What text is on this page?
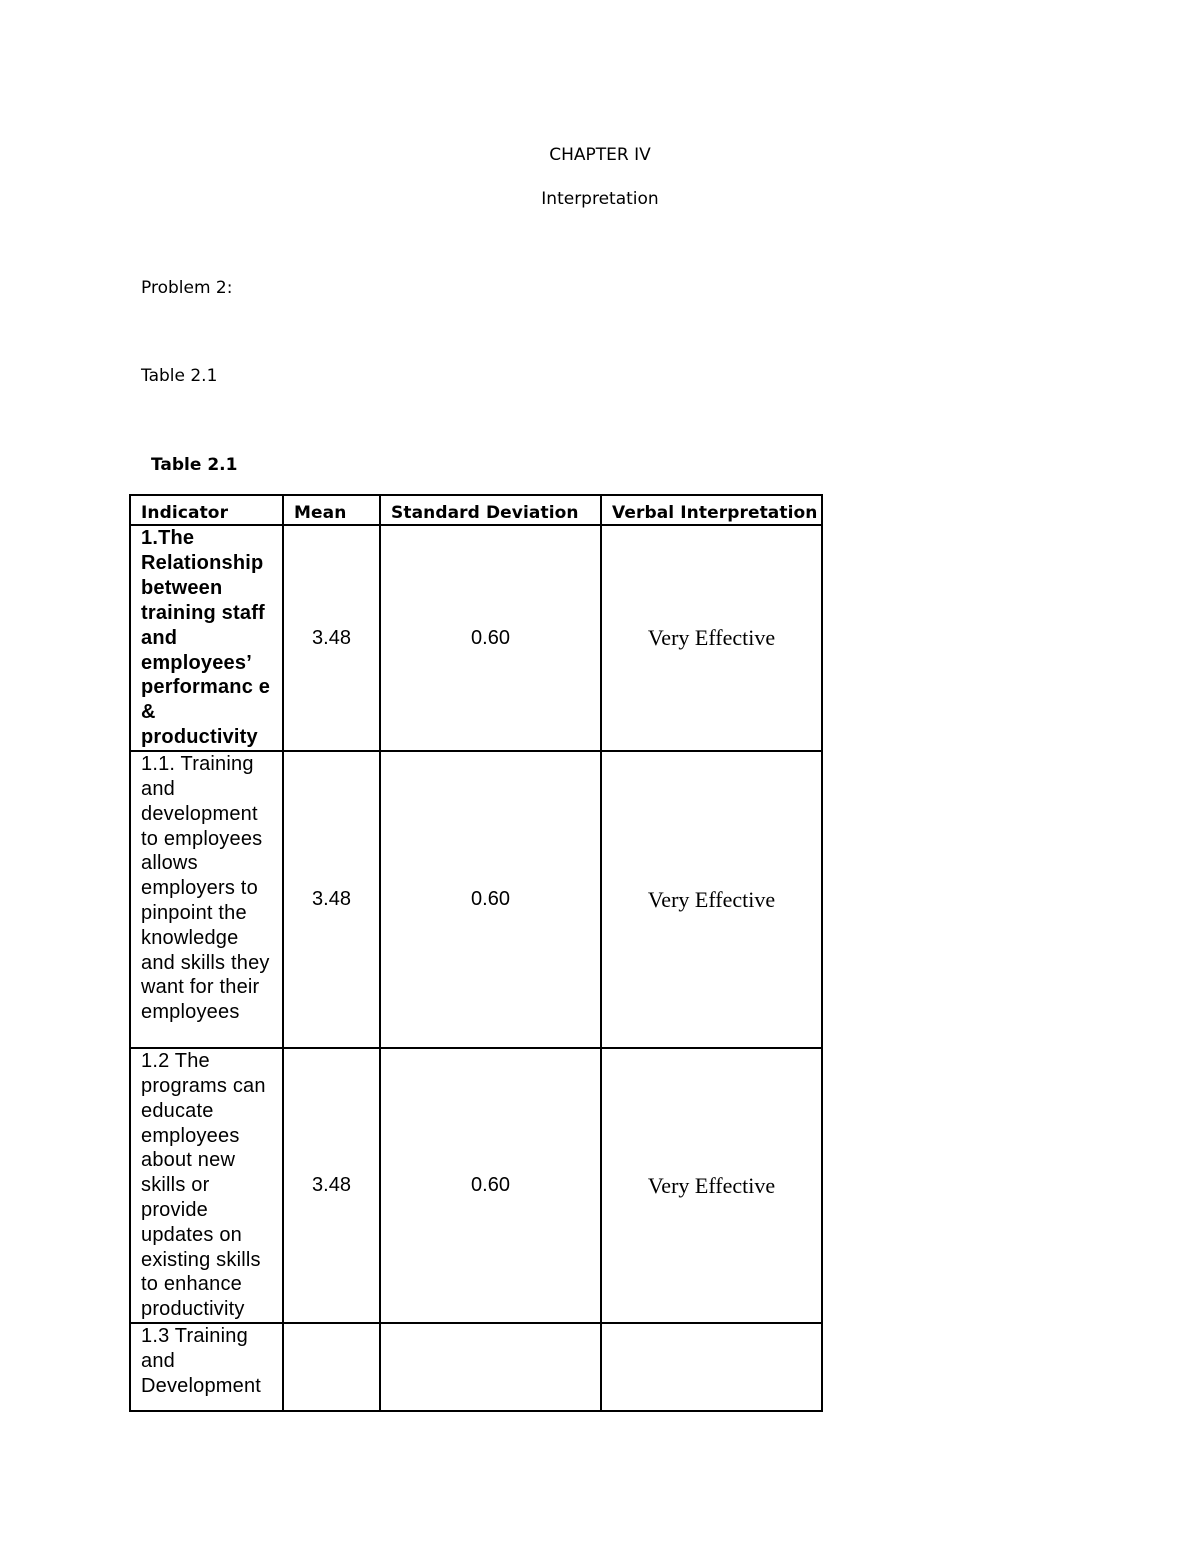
CHAPTER IV
Interpretation
Problem 2:
Table 2.1
Table 2.1
Indicator	Mean	Standard Deviation	Verbal Interpretation
1.The Relationship between training staff and employees’ performanc e & productivity	3.48	0.60	Very Effective
1.1. Training and development to employees allows employers to pinpoint the knowledge and skills they want for their employees	3.48	0.60	Very Effective
1.2 The programs can educate employees about new skills or provide updates on existing skills to enhance productivity	3.48	0.60	Very Effective
1.3 Training and Development			
